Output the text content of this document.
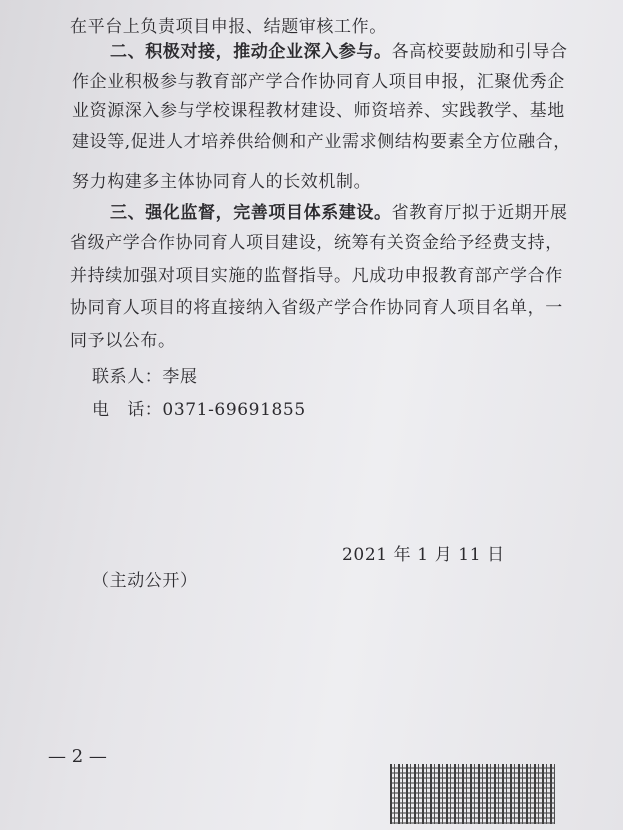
在平台上负责项目申报、结题审核工作。
二、积极对接，推动企业深入参与。各高校要鼓励和引导合
作企业积极参与教育部产学合作协同育人项目申报，汇聚优秀企
业资源深入参与学校课程教材建设、师资培养、实践教学、基地
建设等,促进人才培养供给侧和产业需求侧结构要素全方位融合，
努力构建多主体协同育人的长效机制。
三、强化监督，完善项目体系建设。省教育厅拟于近期开展
省级产学合作协同育人项目建设，统筹有关资金给予经费支持，
并持续加强对项目实施的监督指导。凡成功申报教育部产学合作
协同育人项目的将直接纳入省级产学合作协同育人项目名单，一
同予以公布。
联系人：李展
电　话：0371-69691855
2021 年 1 月 11 日
（主动公开）
— 2 —
